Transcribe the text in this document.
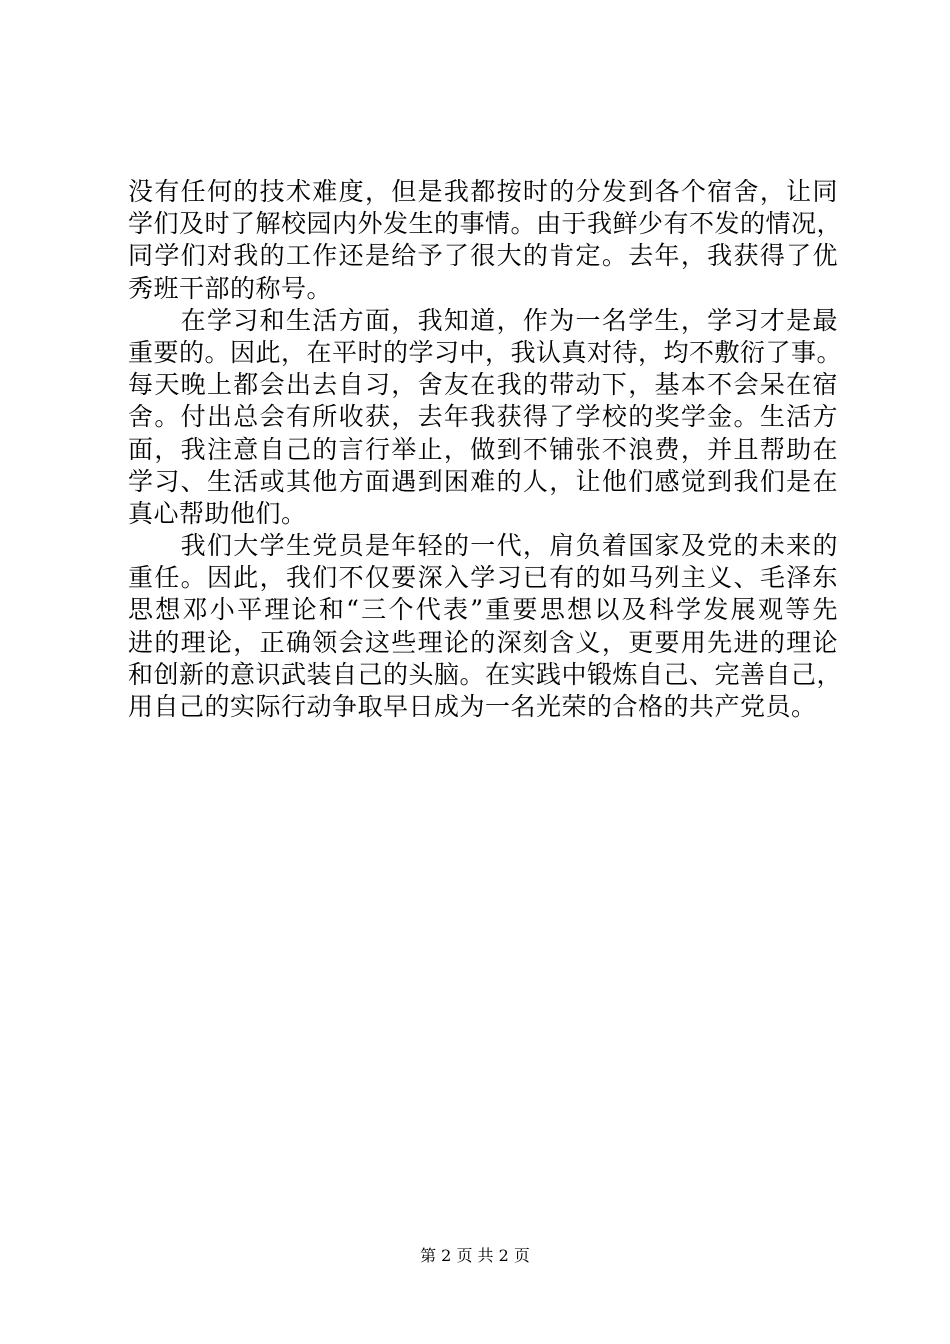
没有任何的技术难度，但是我都按时的分发到各个宿舍，让同
学们及时了解校园内外发生的事情。由于我鲜少有不发的情况，
同学们对我的工作还是给予了很大的肯定。去年，我获得了优
秀班干部的称号。
　　在学习和生活方面，我知道，作为一名学生，学习才是最
重要的。因此，在平时的学习中，我认真对待，均不敷衍了事。
每天晚上都会出去自习，舍友在我的带动下，基本不会呆在宿
舍。付出总会有所收获，去年我获得了学校的奖学金。生活方
面，我注意自己的言行举止，做到不铺张不浪费，并且帮助在
学习、生活或其他方面遇到困难的人，让他们感觉到我们是在
真心帮助他们。
　　我们大学生党员是年轻的一代，肩负着国家及党的未来的
重任。因此，我们不仅要深入学习已有的如马列主义、毛泽东
思想邓小平理论和“三个代表”重要思想以及科学发展观等先
进的理论，正确领会这些理论的深刻含义，更要用先进的理论
和创新的意识武装自己的头脑。在实践中锻炼自己、完善自己，
用自己的实际行动争取早日成为一名光荣的合格的共产党员。
第 2 页 共 2 页
